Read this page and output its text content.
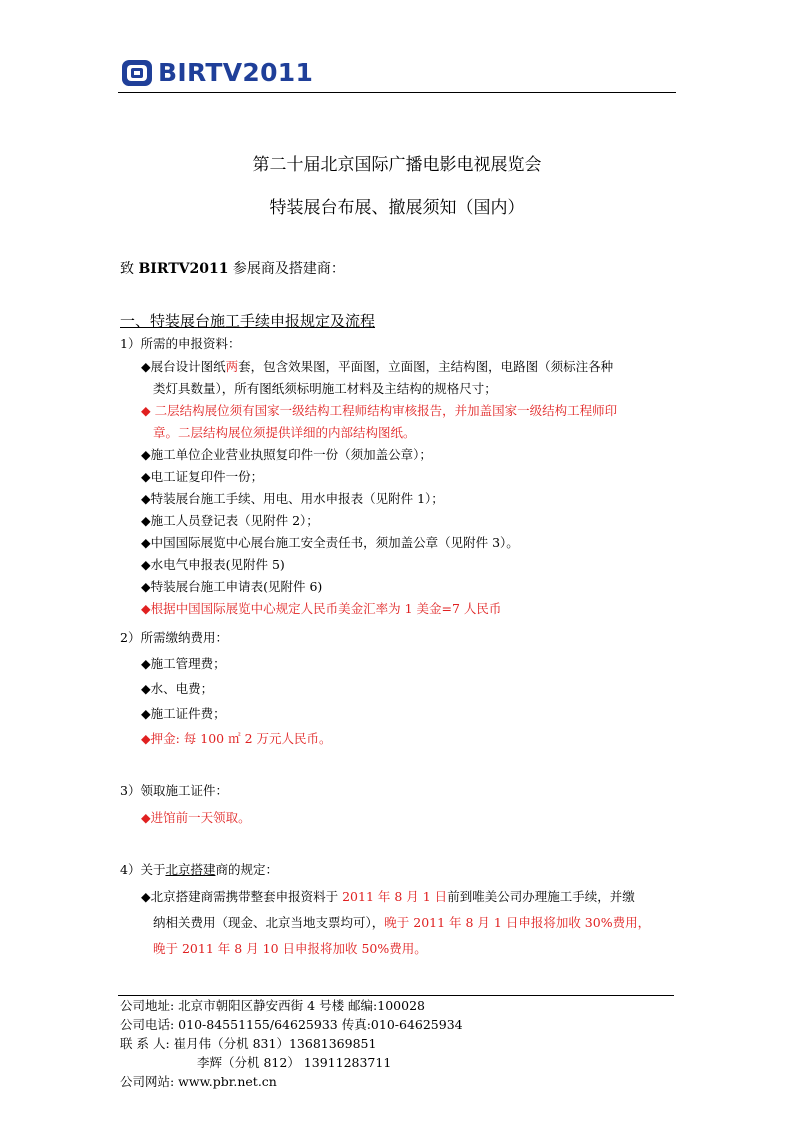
BIRTV2011
第二十届北京国际广播电影电视展览会
特装展台布展、撤展须知（国内）
致 BIRTV2011 参展商及搭建商：
一、特装展台施工手续申报规定及流程
1）所需的申报资料：
◆展台设计图纸两套，包含效果图，平面图，立面图，主结构图，电路图（须标注各种
类灯具数量），所有图纸须标明施工材料及主结构的规格尺寸；
◆ 二层结构展位须有国家一级结构工程师结构审核报告，并加盖国家一级结构工程师印
章。二层结构展位须提供详细的内部结构图纸。
◆施工单位企业营业执照复印件一份（须加盖公章）；
◆电工证复印件一份；
◆特装展台施工手续、用电、用水申报表（见附件 1）；
◆施工人员登记表（见附件 2）；
◆中国国际展览中心展台施工安全责任书，须加盖公章（见附件 3）。
◆水电气申报表(见附件 5)
◆特装展台施工申请表(见附件 6)
◆根据中国国际展览中心规定人民币美金汇率为 1 美金=7 人民币
2）所需缴纳费用：
◆施工管理费；
◆水、电费；
◆施工证件费；
◆押金: 每 100 ㎡ 2 万元人民币。
3）领取施工证件：
◆进馆前一天领取。
4）关于北京搭建商的规定：
◆北京搭建商需携带整套申报资料于 2011 年 8 月 1 日前到唯美公司办理施工手续，并缴
纳相关费用（现金、北京当地支票均可），晚于 2011 年 8 月 1 日申报将加收 30%费用，
晚于 2011 年 8 月 10 日申报将加收 50%费用。
公司地址: 北京市朝阳区静安西街 4 号楼 邮编:100028
公司电话: 010-84551155/64625933 传真:010-64625934
联 系 人: 崔月伟（分机 831）13681369851
李辉（分机 812） 13911283711
公司网站: www.pbr.net.cn
